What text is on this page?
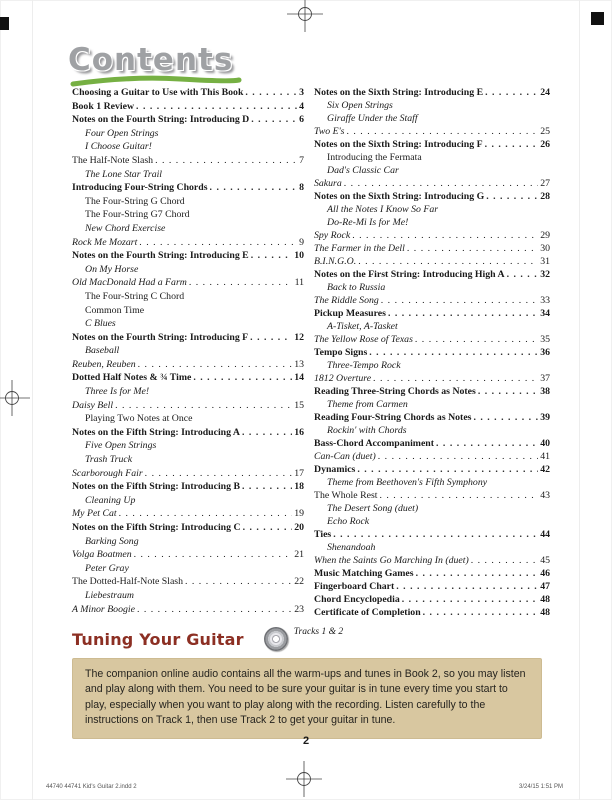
Contents
Choosing a Guitar to Use with This Book . . .	3
Book 1 Review . . .	4
Notes on the Fourth String: Introducing D . . .	6
Four Open Strings
I Choose Guitar!
The Half-Note Slash . . .	7
The Lone Star Trail
Introducing Four-String Chords . . .	8
The Four-String G Chord
The Four-String G7 Chord
New Chord Exercise
Rock Me Mozart . . .	9
Notes on the Fourth String: Introducing E . . .	10
On My Horse
Old MacDonald Had a Farm . . .	11
The Four-String C Chord
Common Time
C Blues
Notes on the Fourth String: Introducing F . . .	12
Baseball
Reuben, Reuben . . .	13
Dotted Half Notes & ¾ Time . . .	14
Three Is for Me!
Daisy Bell . . .	15
Playing Two Notes at Once
Notes on the Fifth String: Introducing A . . .	16
Five Open Strings
Trash Truck
Scarborough Fair . . .	17
Notes on the Fifth String: Introducing B . . .	18
Cleaning Up
My Pet Cat . . .	19
Notes on the Fifth String: Introducing C . . .	20
Barking Song
Volga Boatmen . . .	21
Peter Gray
The Dotted-Half-Note Slash . . .	22
Liebestraum
A Minor Boogie . . .	23
Notes on the Sixth String: Introducing E . . .	24
Six Open Strings
Giraffe Under the Staff
Two E's . . .	25
Notes on the Sixth String: Introducing F . . .	26
Introducing the Fermata
Dad's Classic Car
Sakura . . .	27
Notes on the Sixth String: Introducing G . . .	28
All the Notes I Know So Far
Do-Re-Mi Is for Me!
Spy Rock . . .	29
The Farmer in the Dell . . .	30
B.I.N.G.O. . . .	31
Notes on the First String: Introducing High A . . .	32
Back to Russia
The Riddle Song . . .	33
Pickup Measures . . .	34
A-Tisket, A-Tasket
The Yellow Rose of Texas . . .	35
Tempo Signs . . .	36
Three-Tempo Rock
1812 Overture . . .	37
Reading Three-String Chords as Notes . . .	38
Theme from Carmen
Reading Four-String Chords as Notes . . .	39
Rockin' with Chords
Bass-Chord Accompaniment . . .	40
Can-Can (duet) . . .	41
Dynamics . . .	42
Theme from Beethoven's Fifth Symphony
The Whole Rest . . .	43
The Desert Song (duet)
Echo Rock
Ties . . .	44
Shenandoah
When the Saints Go Marching In (duet) . . .	45
Music Matching Games . . .	46
Fingerboard Chart . . .	47
Chord Encyclopedia . . .	48
Certificate of Completion . . .	48
Tuning Your Guitar	Tracks 1 & 2
The companion online audio contains all the warm-ups and tunes in Book 2, so you may listen and play along with them. You need to be sure your guitar is in tune every time you start to play, especially when you want to play along with the recording. Listen carefully to the instructions on Track 1, then use Track 2 to get your guitar in tune.
2
44740 44741 Kid's Guitar 2.indd 2	3/24/15 1:51 PM
